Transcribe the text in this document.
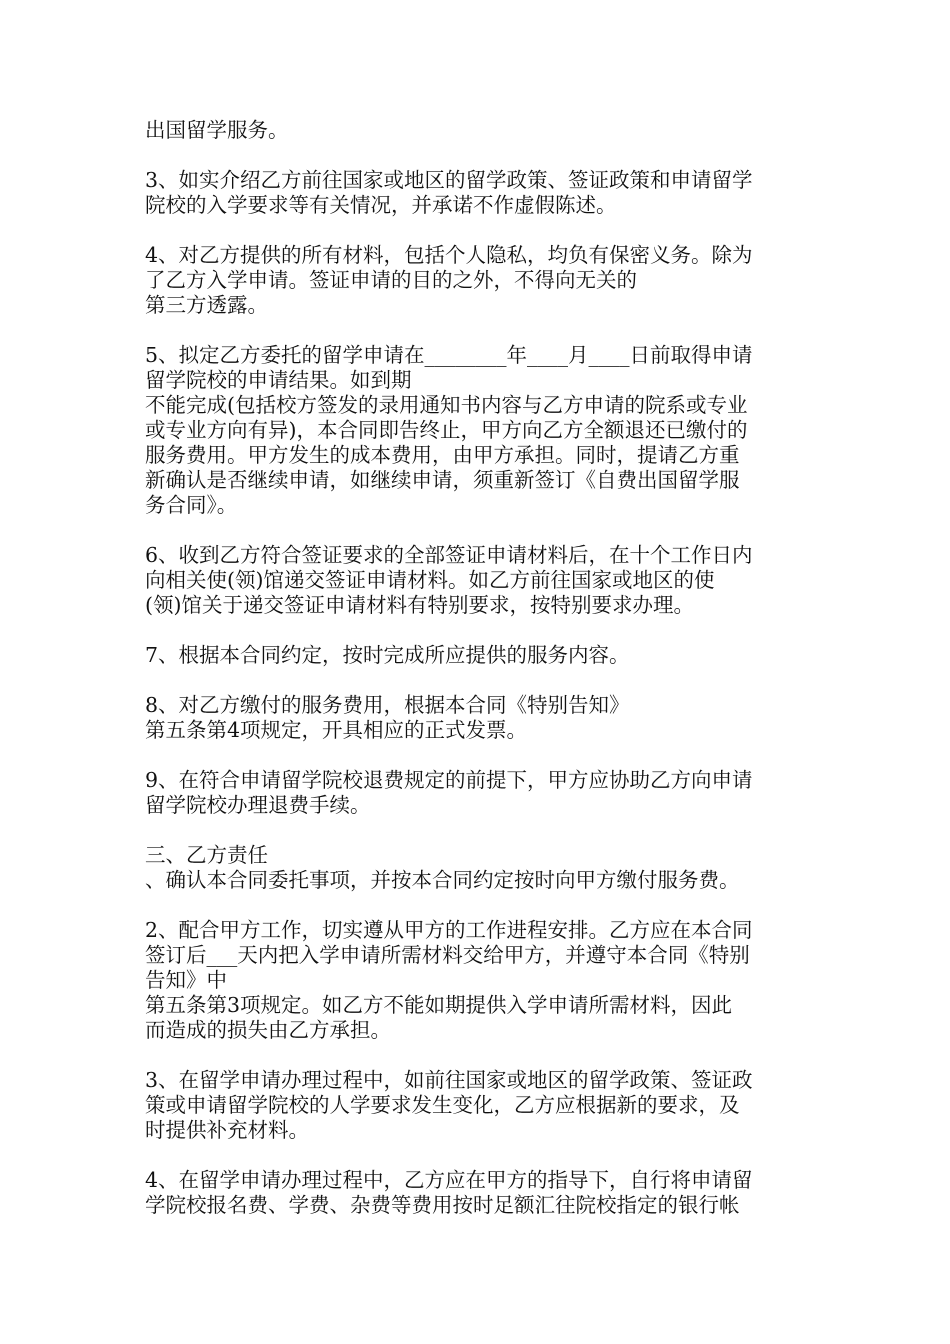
出国留学服务。
3、如实介绍乙方前往国家或地区的留学政策、签证政策和申请留学
院校的入学要求等有关情况，并承诺不作虚假陈述。
4、对乙方提供的所有材料，包括个人隐私，均负有保密义务。除为
了乙方入学申请。签证申请的目的之外，不得向无关的
第三方透露。
5、拟定乙方委托的留学申请在________年____月____日前取得申请
留学院校的申请结果。如到期
不能完成(包括校方签发的录用通知书内容与乙方申请的院系或专业
或专业方向有异)，本合同即告终止，甲方向乙方全额退还已缴付的
服务费用。甲方发生的成本费用，由甲方承担。同时，提请乙方重
新确认是否继续申请，如继续申请，须重新签订《自费出国留学服
务合同》。
6、收到乙方符合签证要求的全部签证申请材料后，在十个工作日内
向相关使(领)馆递交签证申请材料。如乙方前往国家或地区的使
(领)馆关于递交签证申请材料有特别要求，按特别要求办理。
7、根据本合同约定，按时完成所应提供的服务内容。
8、对乙方缴付的服务费用，根据本合同《特别告知》
第五条第4项规定，开具相应的正式发票。
9、在符合申请留学院校退费规定的前提下，甲方应协助乙方向申请
留学院校办理退费手续。
三、乙方责任
、确认本合同委托事项，并按本合同约定按时向甲方缴付服务费。
2、配合甲方工作，切实遵从甲方的工作进程安排。乙方应在本合同
签订后___天内把入学申请所需材料交给甲方，并遵守本合同《特别
告知》中
第五条第3项规定。如乙方不能如期提供入学申请所需材料，因此
而造成的损失由乙方承担。
3、在留学申请办理过程中，如前往国家或地区的留学政策、签证政
策或申请留学院校的人学要求发生变化，乙方应根据新的要求，及
时提供补充材料。
4、在留学申请办理过程中，乙方应在甲方的指导下，自行将申请留
学院校报名费、学费、杂费等费用按时足额汇往院校指定的银行帐
